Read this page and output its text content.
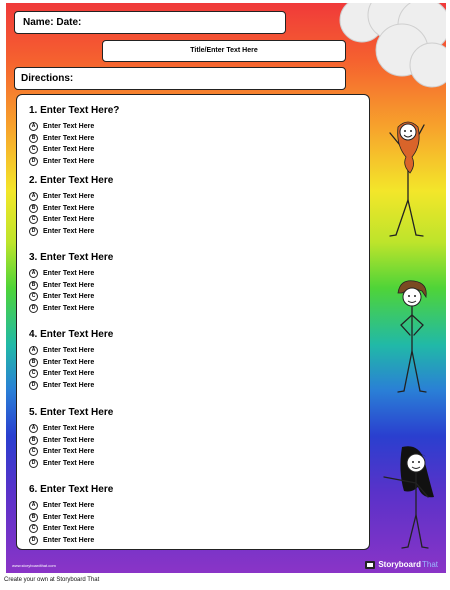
Name: Date:
Title/Enter Text Here
Directions:
1. Enter Text Here?
A	Enter Text Here
B	Enter Text Here
C	Enter Text Here
D	Enter Text Here
2. Enter Text Here
A	Enter Text Here
B	Enter Text Here
C	Enter Text Here
D	Enter Text Here
3. Enter Text Here
A	Enter Text Here
B	Enter Text Here
C	Enter Text Here
D	Enter Text Here
4. Enter Text Here
A	Enter Text Here
B	Enter Text Here
C	Enter Text Here
D	Enter Text Here
5. Enter Text Here
A	Enter Text Here
B	Enter Text Here
C	Enter Text Here
D	Enter Text Here
6. Enter Text Here
A	Enter Text Here
B	Enter Text Here
C	Enter Text Here
D	Enter Text Here
www.storyboardthat.com	Storyboard That
Create your own at Storyboard That
